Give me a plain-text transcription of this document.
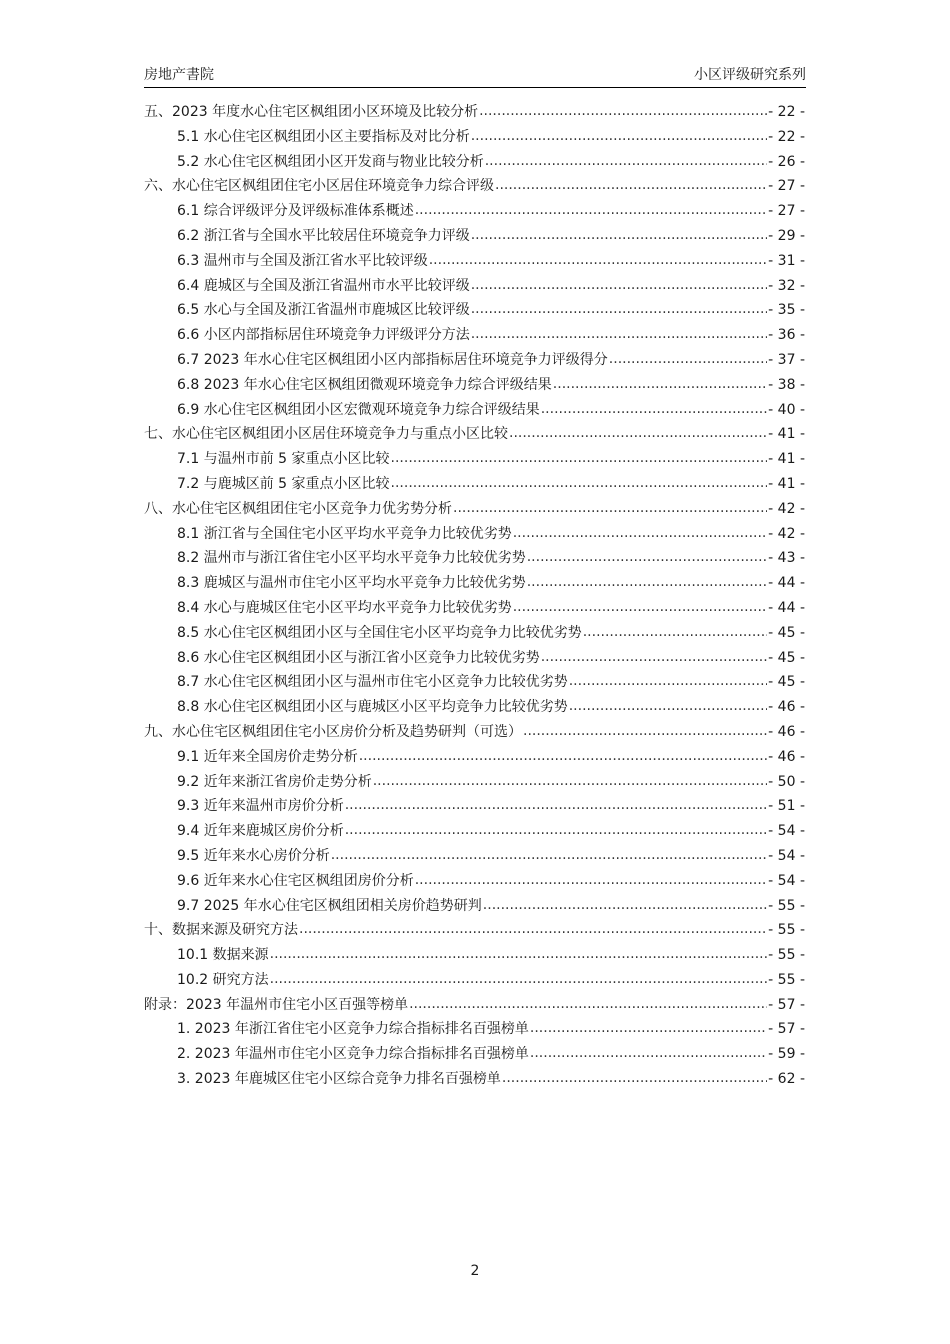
房地产書院	小区评级研究系列
五、2023 年度水心住宅区枫组团小区环境及比较分析 .....	- 22 -
5.1 水心住宅区枫组团小区主要指标及对比分析 .....	- 22 -
5.2 水心住宅区枫组团小区开发商与物业比较分析 .....	- 26 -
六、水心住宅区枫组团住宅小区居住环境竞争力综合评级 .....	- 27 -
6.1 综合评级评分及评级标准体系概述 .....	- 27 -
6.2 浙江省与全国水平比较居住环境竞争力评级 .....	- 29 -
6.3 温州市与全国及浙江省水平比较评级 .....	- 31 -
6.4 鹿城区与全国及浙江省温州市水平比较评级 .....	- 32 -
6.5 水心与全国及浙江省温州市鹿城区比较评级 .....	- 35 -
6.6 小区内部指标居住环境竞争力评级评分方法 .....	- 36 -
6.7 2023 年水心住宅区枫组团小区内部指标居住环境竞争力评级得分 .....	- 37 -
6.8 2023 年水心住宅区枫组团微观环境竞争力综合评级结果 .....	- 38 -
6.9 水心住宅区枫组团小区宏微观环境竞争力综合评级结果 .....	- 40 -
七、水心住宅区枫组团小区居住环境竞争力与重点小区比较 .....	- 41 -
7.1 与温州市前 5 家重点小区比较 .....	- 41 -
7.2 与鹿城区前 5 家重点小区比较 .....	- 41 -
八、水心住宅区枫组团住宅小区竞争力优劣势分析 .....	- 42 -
8.1 浙江省与全国住宅小区平均水平竞争力比较优劣势 .....	- 42 -
8.2 温州市与浙江省住宅小区平均水平竞争力比较优劣势 .....	- 43 -
8.3 鹿城区与温州市住宅小区平均水平竞争力比较优劣势 .....	- 44 -
8.4 水心与鹿城区住宅小区平均水平竞争力比较优劣势 .....	- 44 -
8.5 水心住宅区枫组团小区与全国住宅小区平均竞争力比较优劣势 .....	- 45 -
8.6 水心住宅区枫组团小区与浙江省小区竞争力比较优劣势 .....	- 45 -
8.7 水心住宅区枫组团小区与温州市住宅小区竞争力比较优劣势 .....	- 45 -
8.8 水心住宅区枫组团小区与鹿城区小区平均竞争力比较优劣势 .....	- 46 -
九、水心住宅区枫组团住宅小区房价分析及趋势研判（可选） .....	- 46 -
9.1 近年来全国房价走势分析 .....	- 46 -
9.2 近年来浙江省房价走势分析 .....	- 50 -
9.3 近年来温州市房价分析 .....	- 51 -
9.4 近年来鹿城区房价分析 .....	- 54 -
9.5 近年来水心房价分析 .....	- 54 -
9.6 近年来水心住宅区枫组团房价分析 .....	- 54 -
9.7 2025 年水心住宅区枫组团相关房价趋势研判 .....	- 55 -
十、数据来源及研究方法 .....	- 55 -
10.1 数据来源 .....	- 55 -
10.2 研究方法 .....	- 55 -
附录：2023 年温州市住宅小区百强等榜单 .....	- 57 -
1. 2023 年浙江省住宅小区竞争力综合指标排名百强榜单 .....	- 57 -
2. 2023 年温州市住宅小区竞争力综合指标排名百强榜单 .....	- 59 -
3. 2023 年鹿城区住宅小区综合竞争力排名百强榜单 .....	- 62 -
2
